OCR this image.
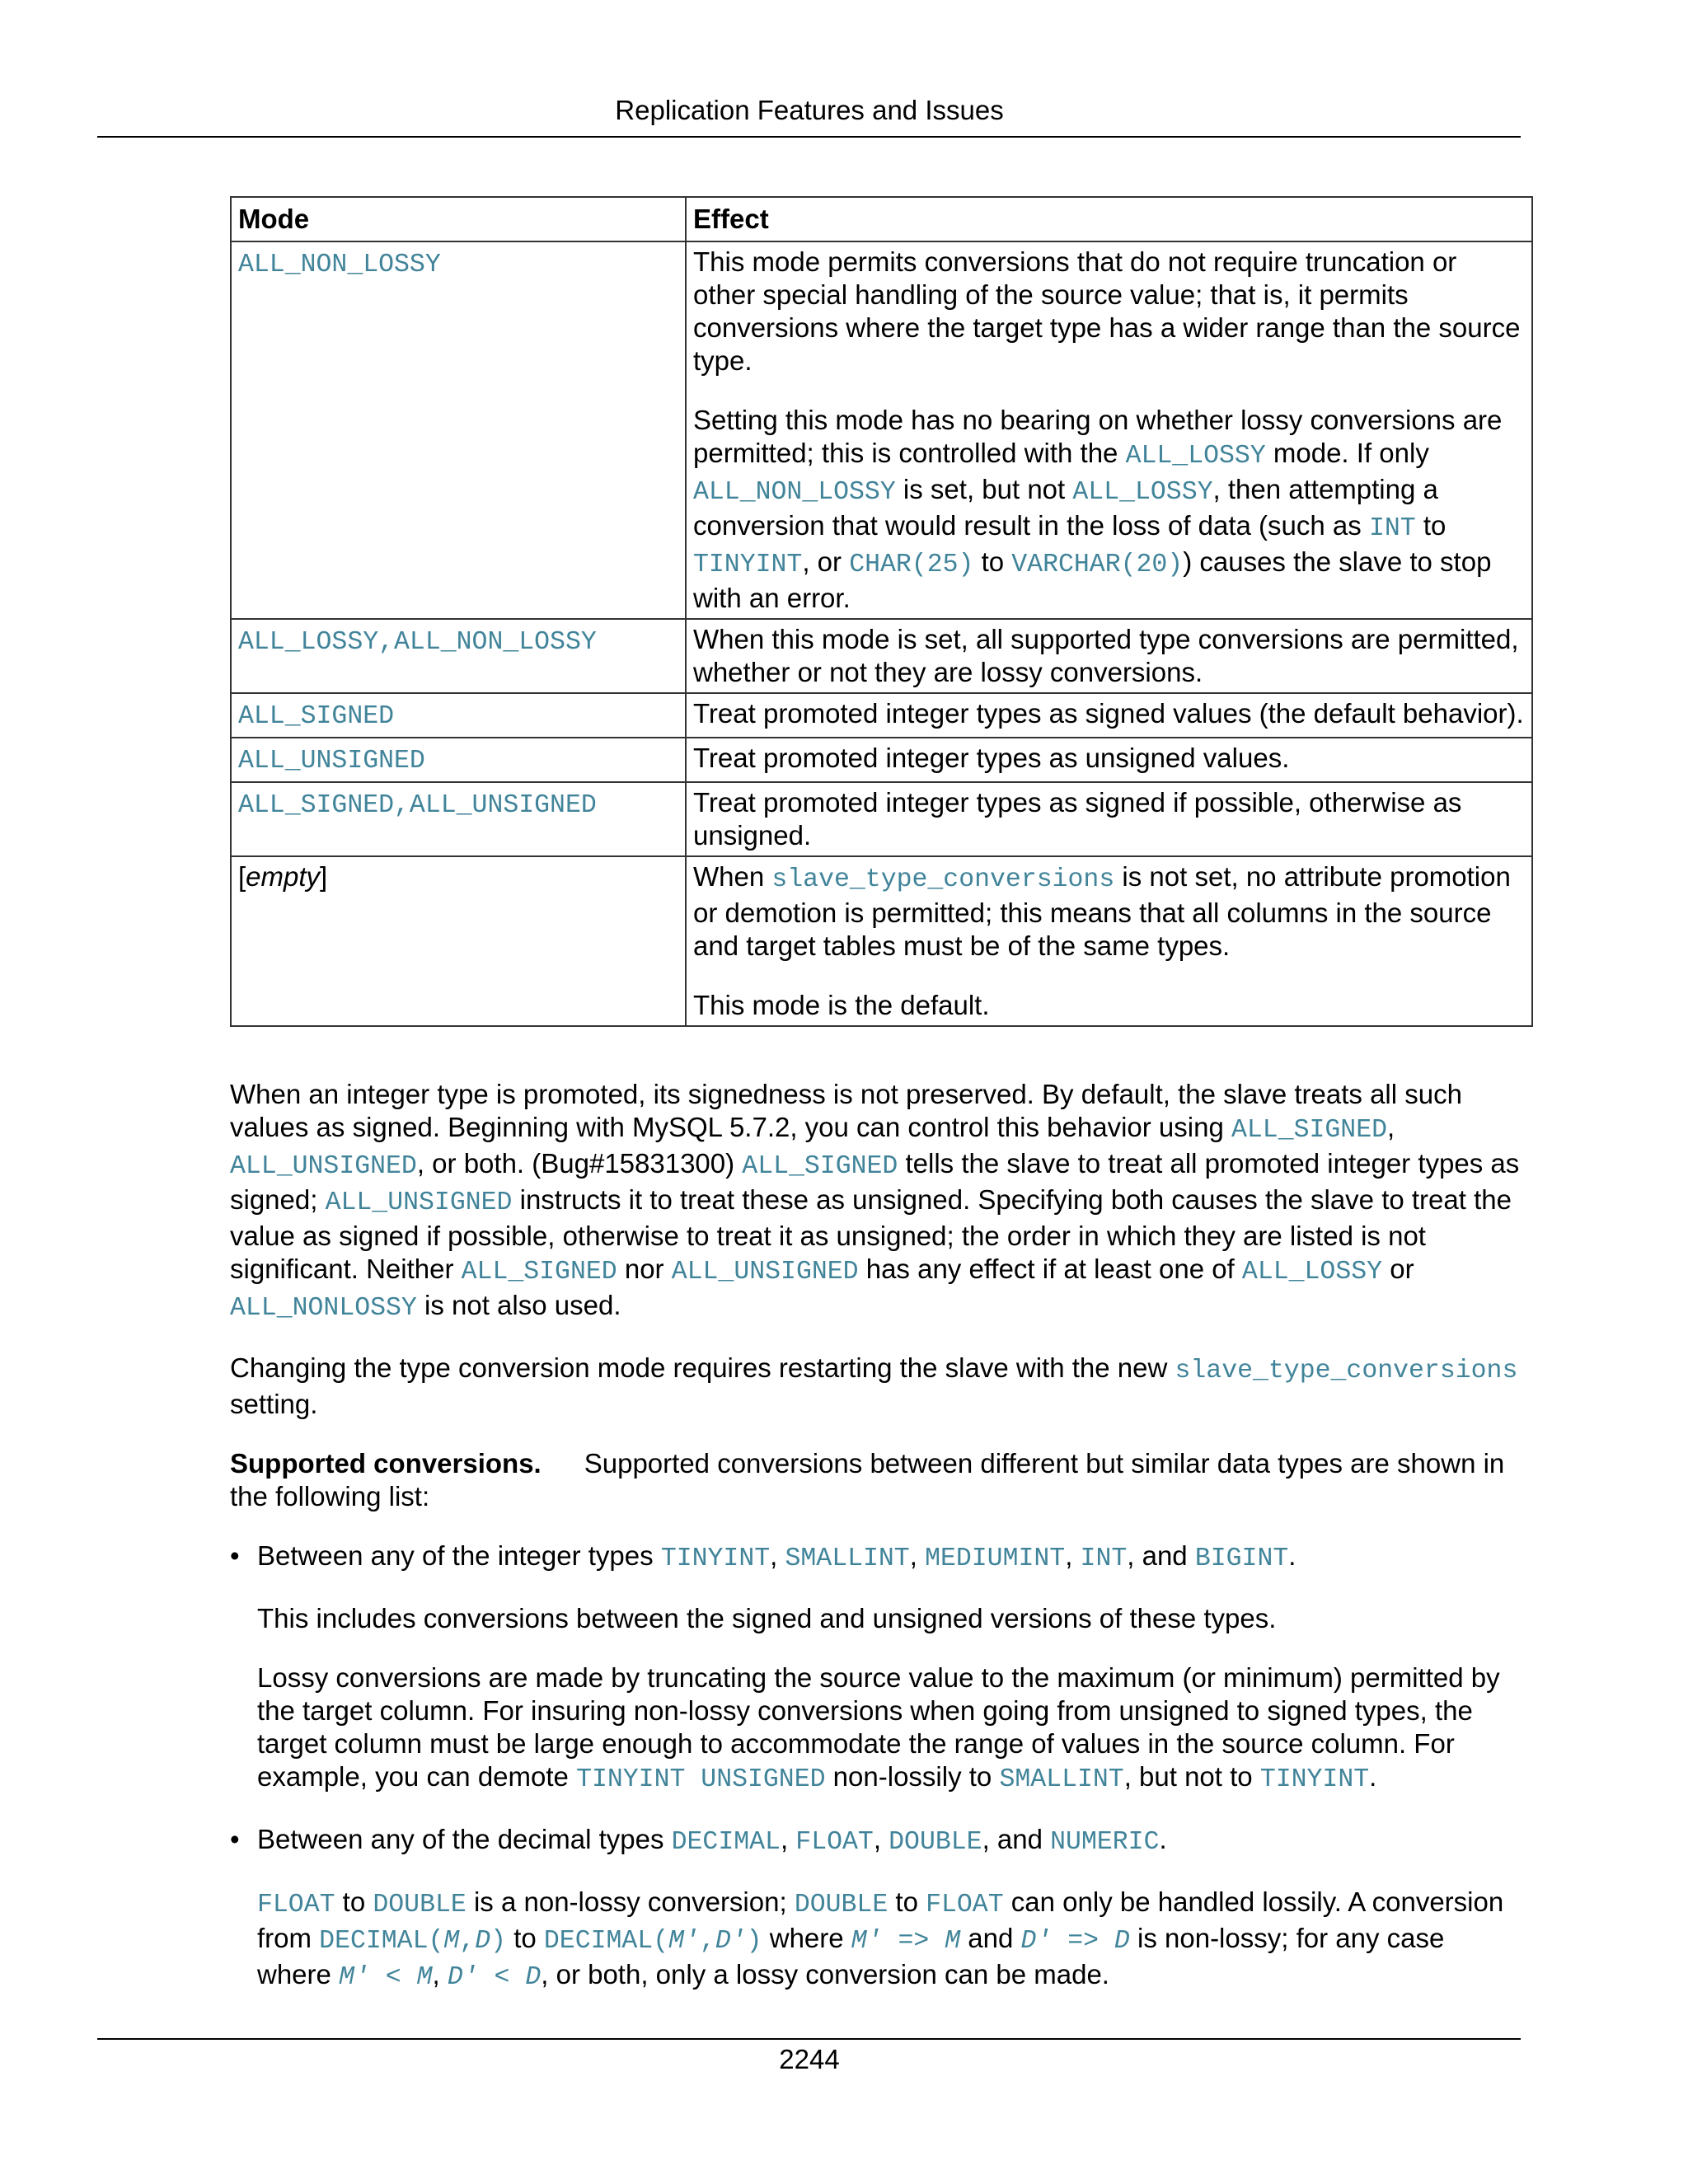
Replication Features and Issues
Mode	Effect
ALL_NON_LOSSY	This mode permits conversions that do not require truncation or other special handling of the source value; that is, it permits conversions where the target type has a wider range than the source type.

Setting this mode has no bearing on whether lossy conversions are permitted; this is controlled with the ALL_LOSSY mode. If only ALL_NON_LOSSY is set, but not ALL_LOSSY, then attempting a conversion that would result in the loss of data (such as INT to TINYINT, or CHAR(25) to VARCHAR(20)) causes the slave to stop with an error.

ALL_LOSSY,ALL_NON_LOSSY	When this mode is set, all supported type conversions are permitted, whether or not they are lossy conversions.
ALL_SIGNED	Treat promoted integer types as signed values (the default behavior).
ALL_UNSIGNED	Treat promoted integer types as unsigned values.
ALL_SIGNED,ALL_UNSIGNED	Treat promoted integer types as signed if possible, otherwise as unsigned.
[empty]	When slave_type_conversions is not set, no attribute promotion or demotion is permitted; this means that all columns in the source and target tables must be of the same types.

This mode is the default.

When an integer type is promoted, its signedness is not preserved. By default, the slave treats all such values as signed. Beginning with MySQL 5.7.2, you can control this behavior using ALL_SIGNED, ALL_UNSIGNED, or both. (Bug#15831300) ALL_SIGNED tells the slave to treat all promoted integer types as signed; ALL_UNSIGNED instructs it to treat these as unsigned. Specifying both causes the slave to treat the value as signed if possible, otherwise to treat it as unsigned; the order in which they are listed is not significant. Neither ALL_SIGNED nor ALL_UNSIGNED has any effect if at least one of ALL_LOSSY or ALL_NONLOSSY is not also used.

Changing the type conversion mode requires restarting the slave with the new slave_type_conversions setting.

Supported conversions. Supported conversions between different but similar data types are shown in the following list:

• Between any of the integer types TINYINT, SMALLINT, MEDIUMINT, INT, and BIGINT.

This includes conversions between the signed and unsigned versions of these types.

Lossy conversions are made by truncating the source value to the maximum (or minimum) permitted by the target column. For insuring non-lossy conversions when going from unsigned to signed types, the target column must be large enough to accommodate the range of values in the source column. For example, you can demote TINYINT UNSIGNED non-lossily to SMALLINT, but not to TINYINT.

• Between any of the decimal types DECIMAL, FLOAT, DOUBLE, and NUMERIC.

FLOAT to DOUBLE is a non-lossy conversion; DOUBLE to FLOAT can only be handled lossily. A conversion from DECIMAL(M,D) to DECIMAL(M',D') where M' => M and D' => D is non-lossy; for any case where M' < M, D' < D, or both, only a lossy conversion can be made.

2244
